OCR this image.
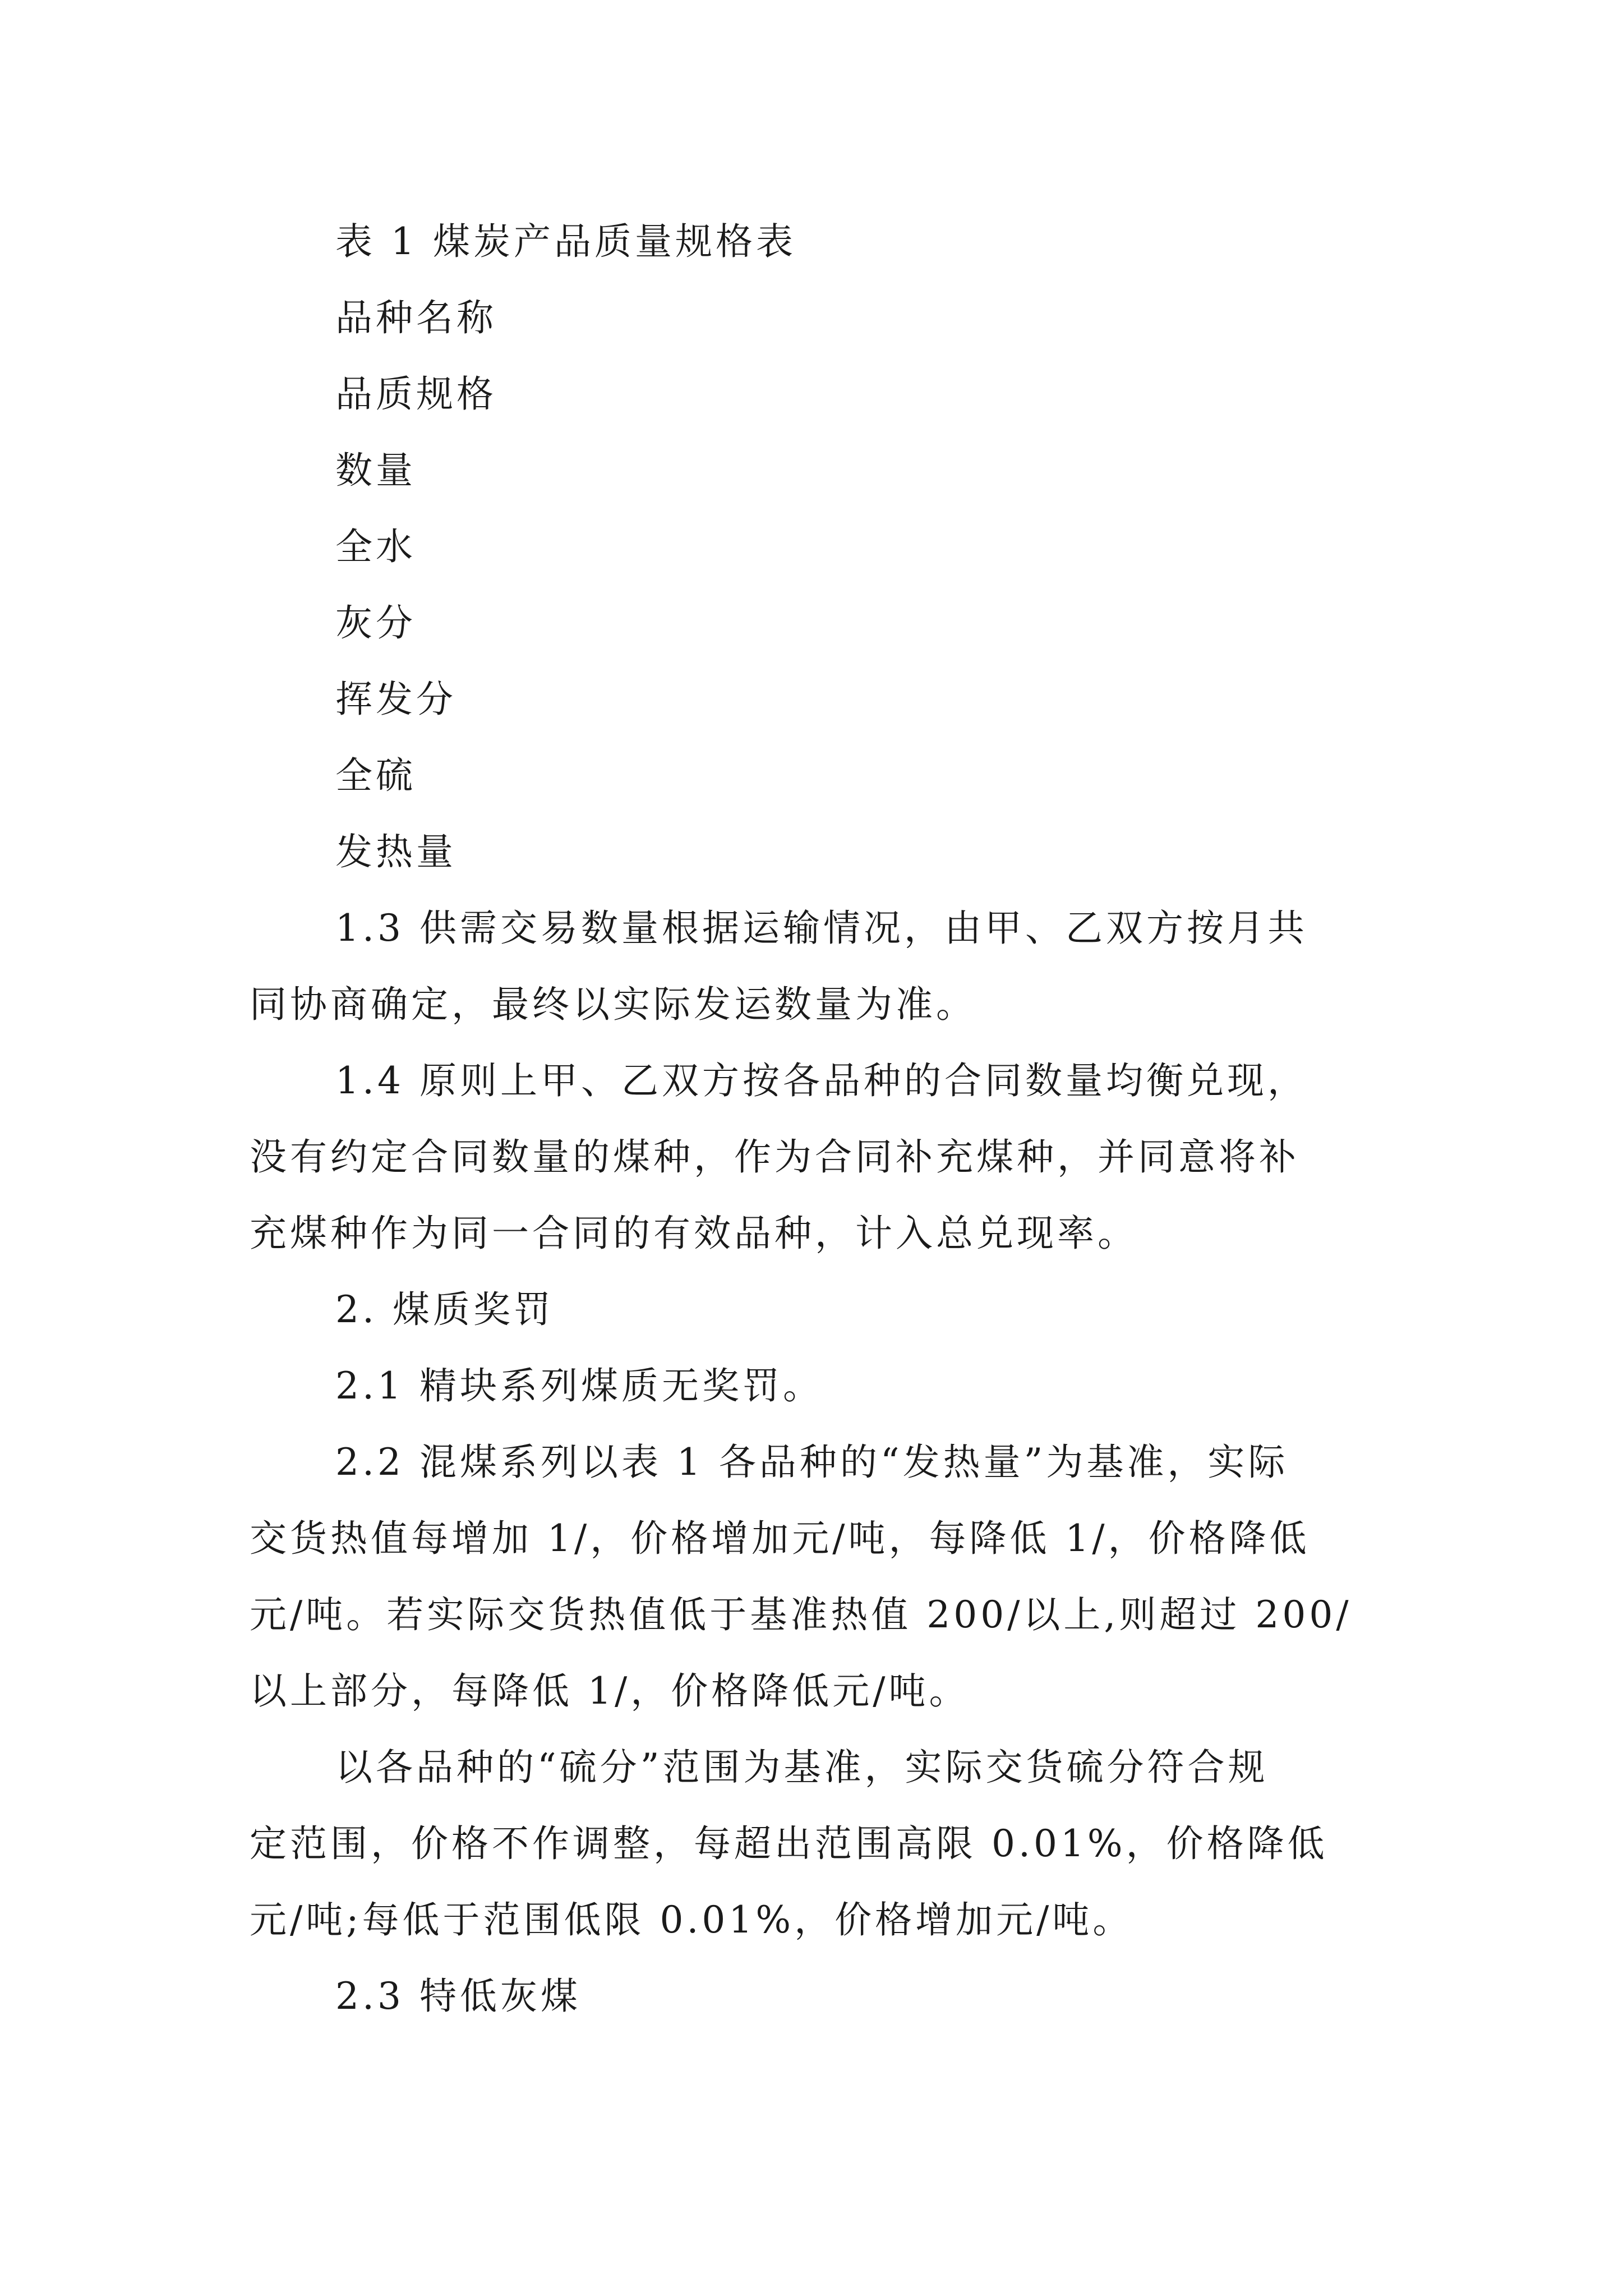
表 1 煤炭产品质量规格表
品种名称
品质规格
数量
全水
灰分
挥发分
全硫
发热量
1.3 供需交易数量根据运输情况，由甲、乙双方按月共
同协商确定，最终以实际发运数量为准。
1.4 原则上甲、乙双方按各品种的合同数量均衡兑现，
没有约定合同数量的煤种，作为合同补充煤种，并同意将补
充煤种作为同一合同的有效品种，计入总兑现率。
2. 煤质奖罚
2.1 精块系列煤质无奖罚。
2.2 混煤系列以表 1 各品种的“发热量”为基准，实际
交货热值每增加 1/，价格增加元/吨，每降低 1/，价格降低
元/吨。若实际交货热值低于基准热值 200/以上,则超过 200/
以上部分，每降低 1/，价格降低元/吨。
以各品种的“硫分”范围为基准，实际交货硫分符合规
定范围，价格不作调整，每超出范围高限 0.01%，价格降低
元/吨;每低于范围低限 0.01%，价格增加元/吨。
2.3 特低灰煤
